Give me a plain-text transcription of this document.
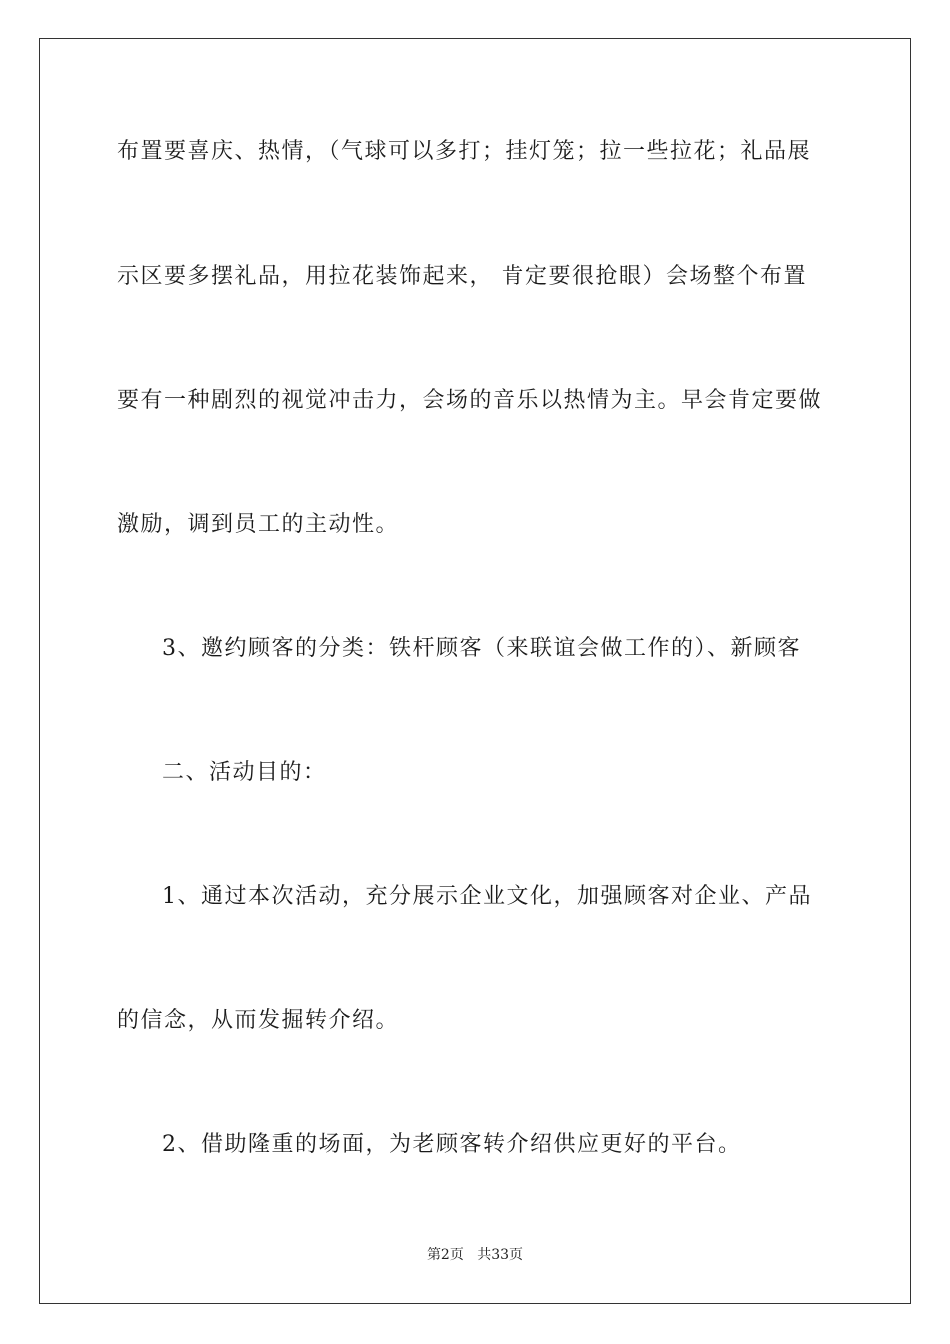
布置要喜庆、热情，（气球可以多打；挂灯笼；拉一些拉花；礼品展
示区要多摆礼品，用拉花装饰起来， 肯定要很抢眼）会场整个布置
要有一种剧烈的视觉冲击力，会场的音乐以热情为主。早会肯定要做
激励，调到员工的主动性。
3、邀约顾客的分类：铁杆顾客（来联谊会做工作的）、新顾客
二、活动目的：
1、通过本次活动，充分展示企业文化，加强顾客对企业、产品
的信念，从而发掘转介绍。
2、借助隆重的场面，为老顾客转介绍供应更好的平台。
第2页 共33页
